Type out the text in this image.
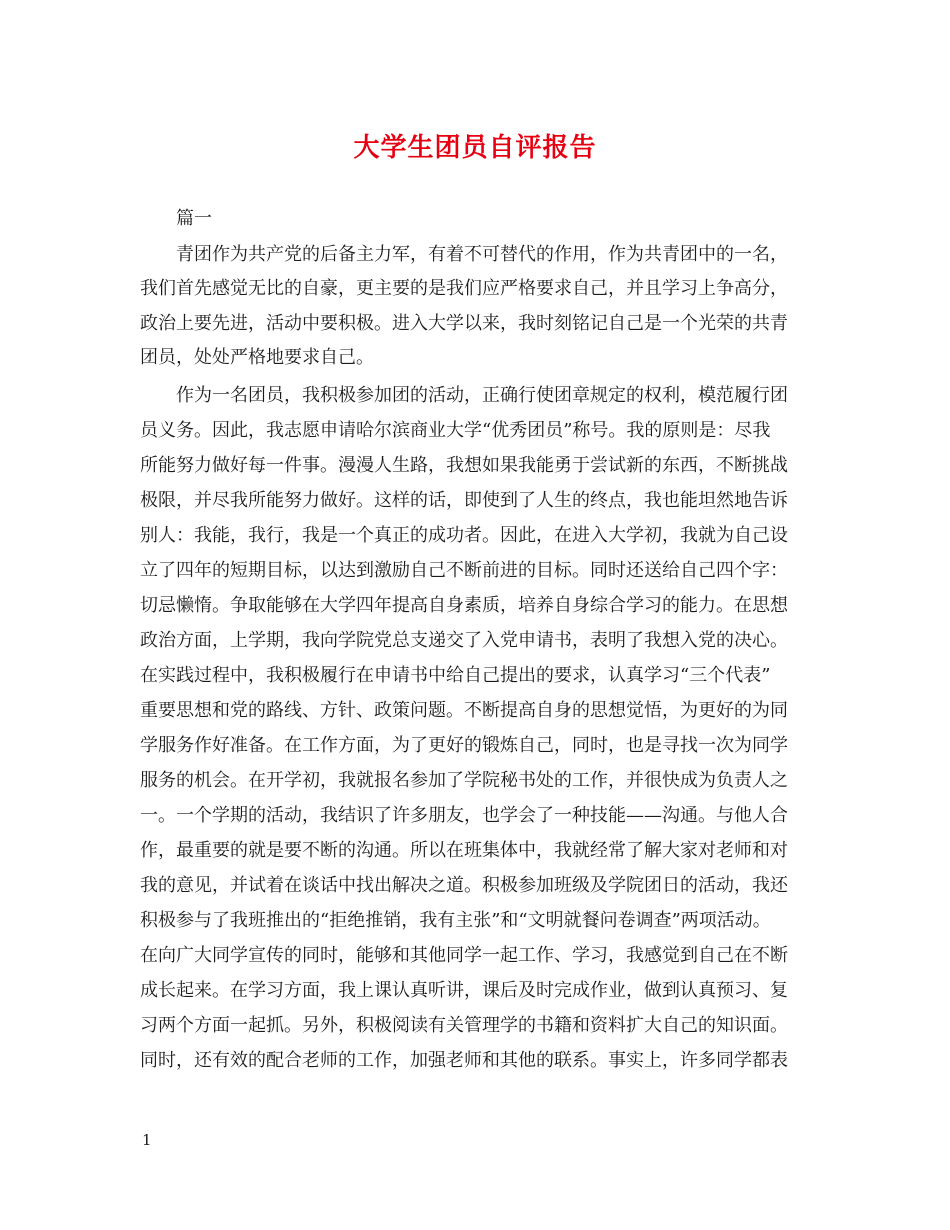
大学生团员自评报告
篇一
青团作为共产党的后备主力军，有着不可替代的作用，作为共青团中的一名，
我们首先感觉无比的自豪，更主要的是我们应严格要求自己，并且学习上争高分，
政治上要先进，活动中要积极。进入大学以来，我时刻铭记自己是一个光荣的共青
团员，处处严格地要求自己。
作为一名团员，我积极参加团的活动，正确行使团章规定的权利，模范履行团
员义务。因此，我志愿申请哈尔滨商业大学“优秀团员”称号。我的原则是：尽我
所能努力做好每一件事。漫漫人生路，我想如果我能勇于尝试新的东西，不断挑战
极限，并尽我所能努力做好。这样的话，即使到了人生的终点，我也能坦然地告诉
别人：我能，我行，我是一个真正的成功者。因此，在进入大学初，我就为自己设
立了四年的短期目标，以达到激励自己不断前进的目标。同时还送给自己四个字：
切忌懒惰。争取能够在大学四年提高自身素质，培养自身综合学习的能力。在思想
政治方面，上学期，我向学院党总支递交了入党申请书，表明了我想入党的决心。
在实践过程中，我积极履行在申请书中给自己提出的要求，认真学习“三个代表”
重要思想和党的路线、方针、政策问题。不断提高自身的思想觉悟，为更好的为同
学服务作好准备。在工作方面，为了更好的锻炼自己，同时，也是寻找一次为同学
服务的机会。在开学初，我就报名参加了学院秘书处的工作，并很快成为负责人之
一。一个学期的活动，我结识了许多朋友，也学会了一种技能——沟通。与他人合
作，最重要的就是要不断的沟通。所以在班集体中，我就经常了解大家对老师和对
我的意见，并试着在谈话中找出解决之道。积极参加班级及学院团日的活动，我还
积极参与了我班推出的“拒绝推销，我有主张”和“文明就餐问卷调查”两项活动。
在向广大同学宣传的同时，能够和其他同学一起工作、学习，我感觉到自己在不断
成长起来。在学习方面，我上课认真听讲，课后及时完成作业，做到认真预习、复
习两个方面一起抓。另外，积极阅读有关管理学的书籍和资料扩大自己的知识面。
同时，还有效的配合老师的工作，加强老师和其他的联系。事实上，许多同学都表
1
